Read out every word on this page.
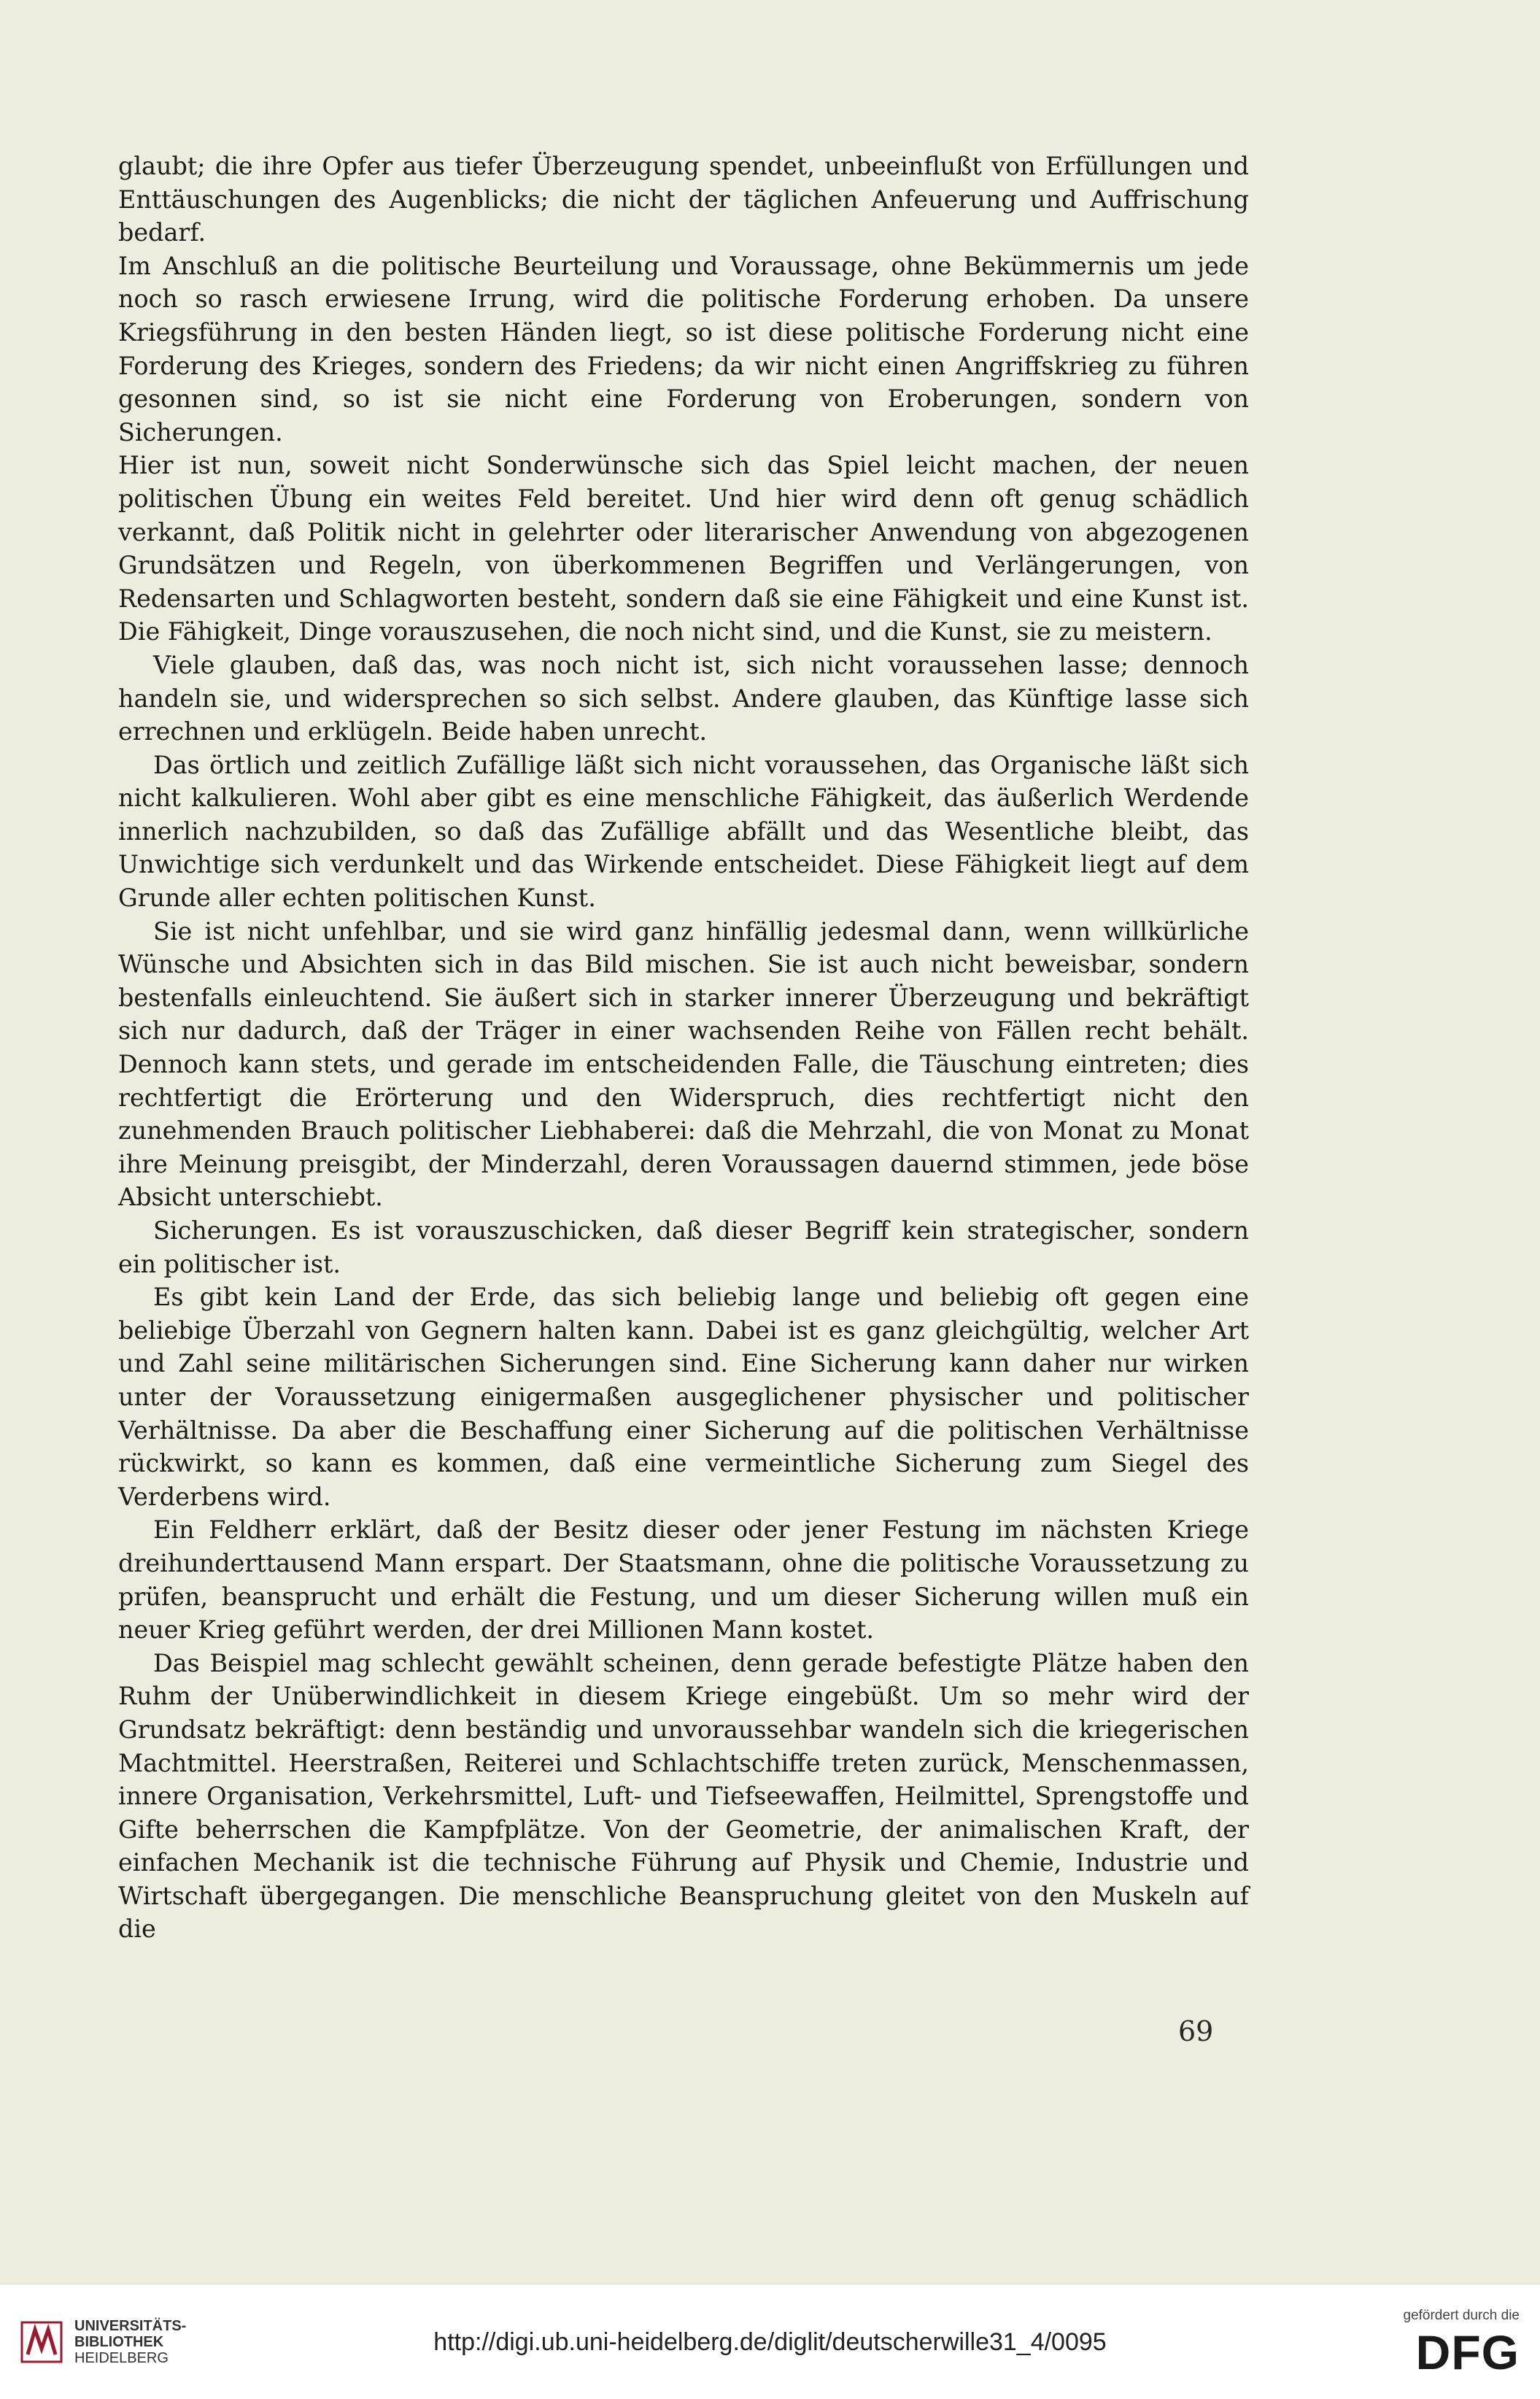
glaubt; die ihre Opfer aus tiefer Überzeugung spendet, unbeeinflußt von Erfüllungen und Enttäuschungen des Augenblicks; die nicht der täglichen Anfeuerung und Auffrischung bedarf.

Im Anschluß an die politische Beurteilung und Voraussage, ohne Bekümmernis um jede noch so rasch erwiesene Irrung, wird die politische Forderung erhoben. Da unsere Kriegsführung in den besten Händen liegt, so ist diese politische Forderung nicht eine Forderung des Krieges, sondern des Friedens; da wir nicht einen Angriffskrieg zu führen gesonnen sind, so ist sie nicht eine Forderung von Eroberungen, sondern von Sicherungen.

Hier ist nun, soweit nicht Sonderwünsche sich das Spiel leicht machen, der neuen politischen Übung ein weites Feld bereitet. Und hier wird denn oft genug schädlich verkannt, daß Politik nicht in gelehrter oder literarischer Anwendung von abgezogenen Grundsätzen und Regeln, von überkommenen Begriffen und Verlängerungen, von Redensarten und Schlagworten besteht, sondern daß sie eine Fähigkeit und eine Kunst ist. Die Fähigkeit, Dinge vorauszusehen, die noch nicht sind, und die Kunst, sie zu meistern.

Viele glauben, daß das, was noch nicht ist, sich nicht voraussehen lasse; dennoch handeln sie, und widersprechen so sich selbst. Andere glauben, das Künftige lasse sich errechnen und erklügeln. Beide haben unrecht.

Das örtlich und zeitlich Zufällige läßt sich nicht voraussehen, das Organische läßt sich nicht kalkulieren. Wohl aber gibt es eine menschliche Fähigkeit, das äußerlich Werdende innerlich nachzubilden, so daß das Zufällige abfällt und das Wesentliche bleibt, das Unwichtige sich verdunkelt und das Wirkende entscheidet. Diese Fähigkeit liegt auf dem Grunde aller echten politischen Kunst.

Sie ist nicht unfehlbar, und sie wird ganz hinfällig jedesmal dann, wenn willkürliche Wünsche und Absichten sich in das Bild mischen. Sie ist auch nicht beweisbar, sondern bestenfalls einleuchtend. Sie äußert sich in starker innerer Überzeugung und bekräftigt sich nur dadurch, daß der Träger in einer wachsenden Reihe von Fällen recht behält. Dennoch kann stets, und gerade im entscheidenden Falle, die Täuschung eintreten; dies rechtfertigt die Erörterung und den Widerspruch, dies rechtfertigt nicht den zunehmenden Brauch politischer Liebhaberei: daß die Mehrzahl, die von Monat zu Monat ihre Meinung preisgibt, der Minderzahl, deren Voraussagen dauernd stimmen, jede böse Absicht unterschiebt.

Sicherungen. Es ist vorauszuschicken, daß dieser Begriff kein strategischer, sondern ein politischer ist.

Es gibt kein Land der Erde, das sich beliebig lange und beliebig oft gegen eine beliebige Überzahl von Gegnern halten kann. Dabei ist es ganz gleichgültig, welcher Art und Zahl seine militärischen Sicherungen sind. Eine Sicherung kann daher nur wirken unter der Voraussetzung einigermaßen ausgeglichener physischer und politischer Verhältnisse. Da aber die Beschaffung einer Sicherung auf die politischen Verhältnisse rückwirkt, so kann es kommen, daß eine vermeintliche Sicherung zum Siegel des Verderbens wird.

Ein Feldherr erklärt, daß der Besitz dieser oder jener Festung im nächsten Kriege dreihunderttausend Mann erspart. Der Staatsmann, ohne die politische Voraussetzung zu prüfen, beansprucht und erhält die Festung, und um dieser Sicherung willen muß ein neuer Krieg geführt werden, der drei Millionen Mann kostet.

Das Beispiel mag schlecht gewählt scheinen, denn gerade befestigte Plätze haben den Ruhm der Unüberwindlichkeit in diesem Kriege eingebüßt. Um so mehr wird der Grundsatz bekräftigt: denn beständig und unvoraussehbar wandeln sich die kriegerischen Machtmittel. Heerstraßen, Reiterei und Schlachtschiffe treten zurück, Menschenmassen, innere Organisation, Verkehrsmittel, Luft- und Tiefseewaffen, Heilmittel, Sprengstoffe und Gifte beherrschen die Kampfplätze. Von der Geometrie, der animalischen Kraft, der einfachen Mechanik ist die technische Führung auf Physik und Chemie, Industrie und Wirtschaft übergegangen. Die menschliche Beanspruchung gleitet von den Muskeln auf die

69
UNIVERSITÄTS-
BIBLIOTHEK
HEIDELBERG
http://digi.ub.uni-heidelberg.de/diglit/deutscherwille31_4/0095
gefördert durch die
DFG
